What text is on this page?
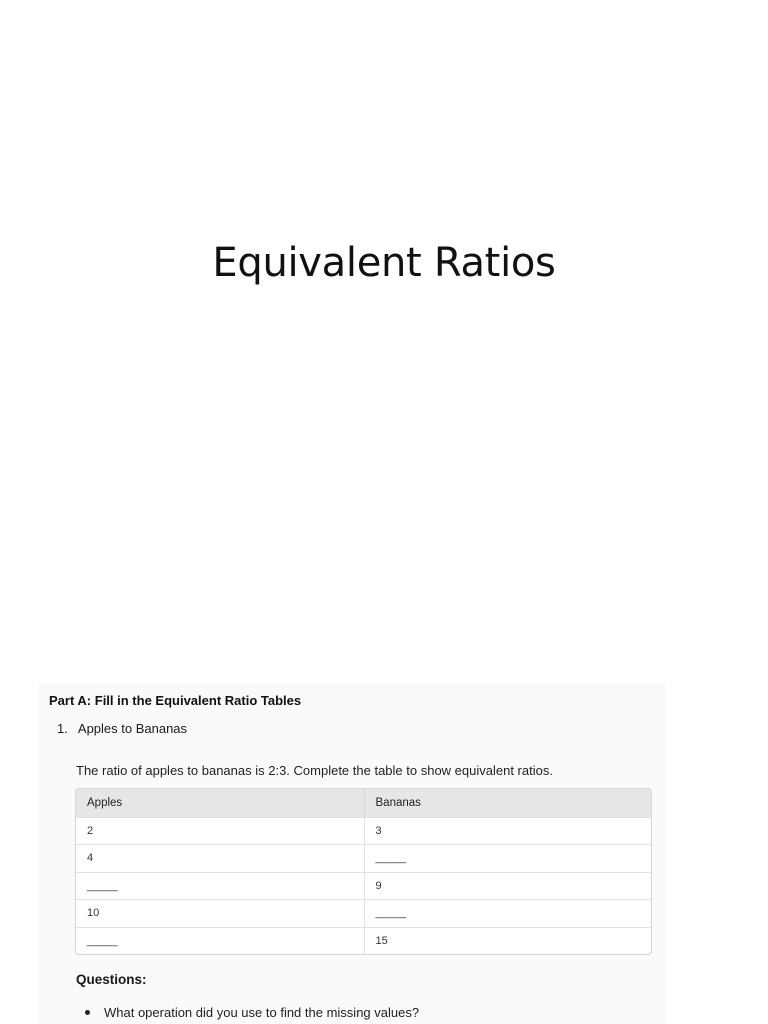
Equivalent Ratios
Part A: Fill in the Equivalent Ratio Tables
1. Apples to Bananas
The ratio of apples to bananas is 2:3. Complete the table to show equivalent ratios.
Apples	Bananas
2	3
4	_____
_____	9
10	_____
_____	15
Questions:
What operation did you use to find the missing values?
